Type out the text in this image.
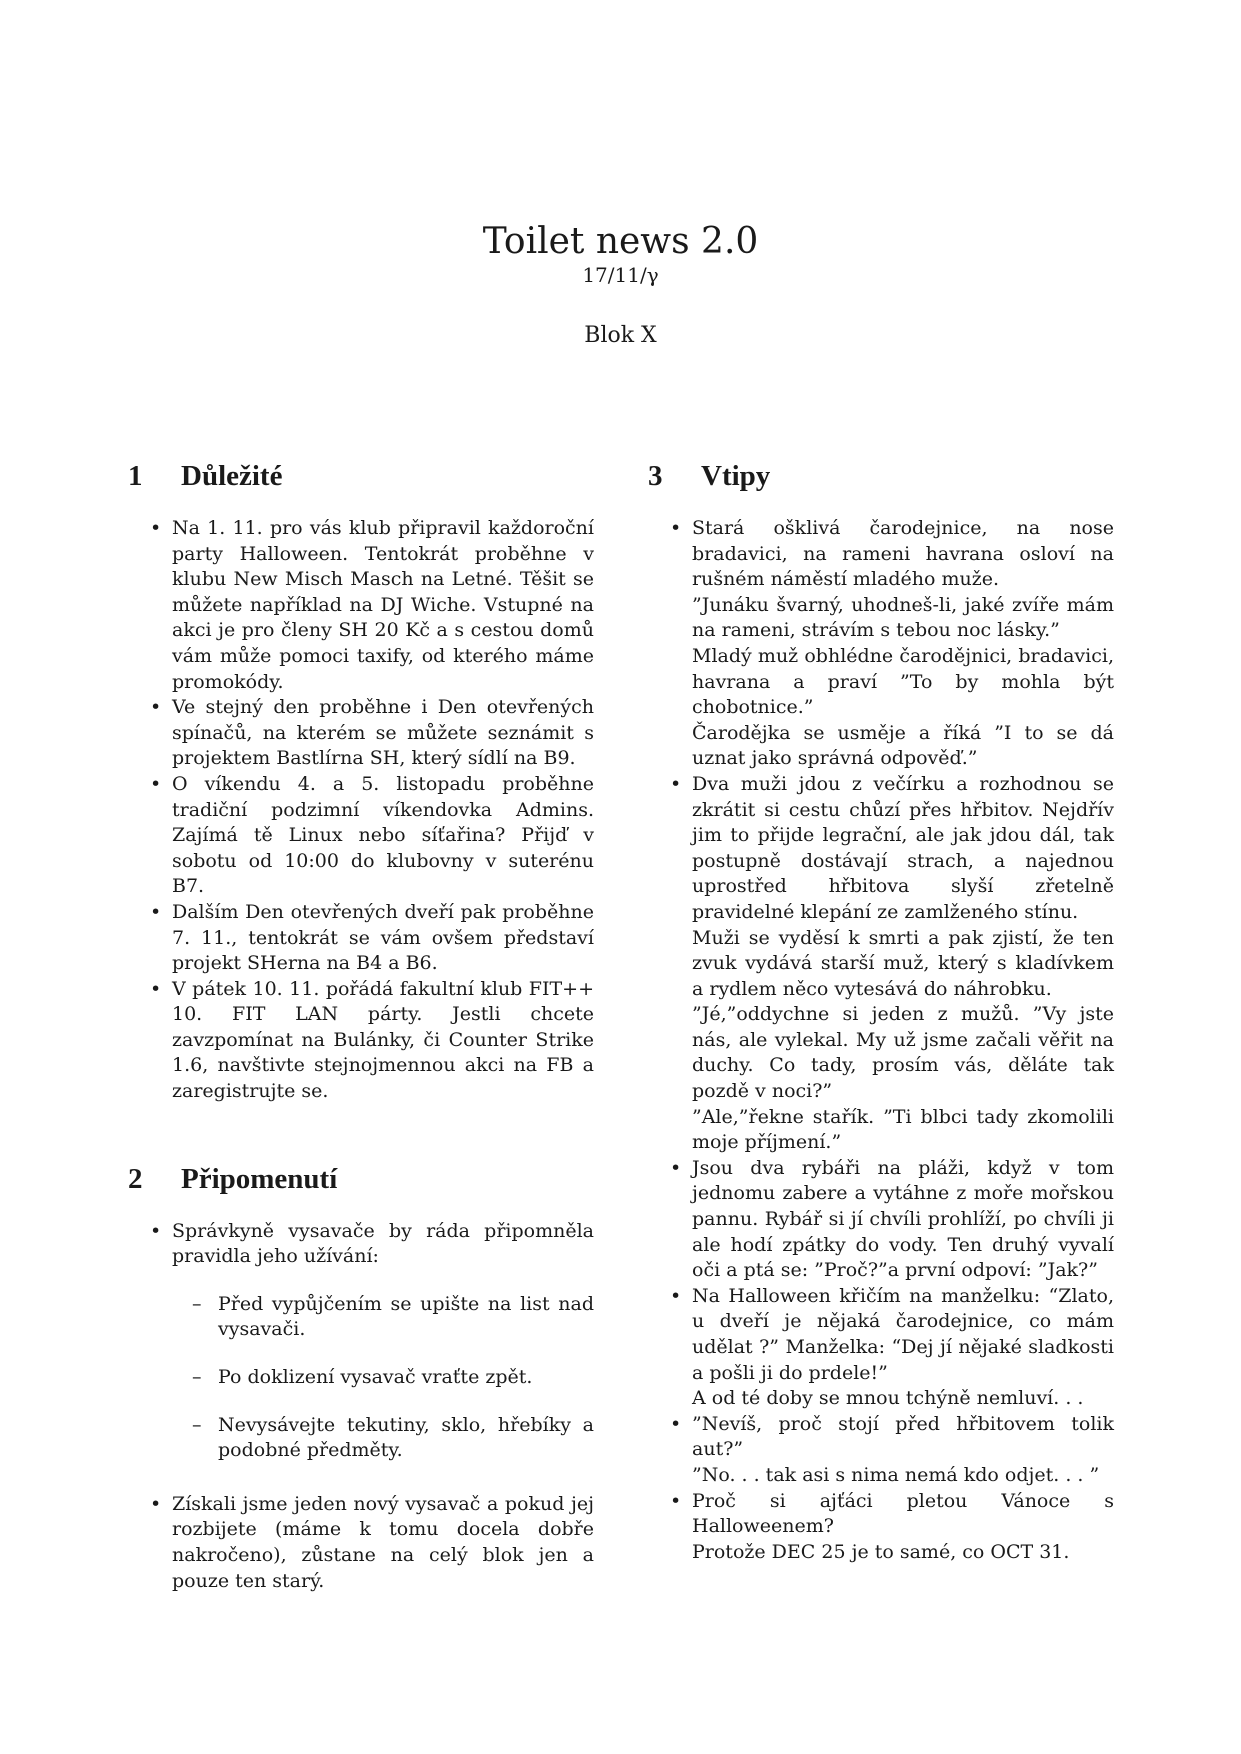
Toilet news 2.0
17/11/γ
Blok X
1	Důležité
• Na 1. 11. pro vás klub připravil každoroční party Halloween. Tentokrát proběhne v klubu New Misch Masch na Letné. Těšit se můžete například na DJ Wiche. Vstupné na akci je pro členy SH 20 Kč a s cestou domů vám může pomoci taxify, od kterého máme promokódy.
• Ve stejný den proběhne i Den otevřených spínačů, na kterém se můžete seznámit s projektem Bastlírna SH, který sídlí na B9.
• O víkendu 4. a 5. listopadu proběhne tradiční podzimní víkendovka Admins. Zajímá tě Linux nebo síťařina? Přijď v sobotu od 10:00 do klubovny v suterénu B7.
• Dalším Den otevřených dveří pak proběhne 7. 11., tentokrát se vám ovšem představí projekt SHerna na B4 a B6.
• V pátek 10. 11. pořádá fakultní klub FIT++ 10. FIT LAN párty. Jestli chcete zavzpomínat na Bulánky, či Counter Strike 1.6, navštivte stejnojmennou akci na FB a zaregistrujte se.
2	Připomenutí
• Správkyně vysavače by ráda připomněla pravidla jeho užívání:

– Před vypůjčením se upište na list nad vysavači.
– Po doklizení vysavač vraťte zpět.
– Nevysávejte tekutiny, sklo, hřebíky a podobné předměty.
• Získali jsme jeden nový vysavač a pokud jej rozbijete (máme k tomu docela dobře nakročeno), zůstane na celý blok jen a pouze ten starý.
3	Vtipy
• Stará ošklivá čarodejnice, na nose bradavici, na rameni havrana osloví na rušném náměstí mladého muže.

”Junáku švarný, uhodneš-li, jaké zvíře mám na rameni, strávím s tebou noc lásky.”

Mladý muž obhlédne čarodějnici, bradavici, havrana a praví ”To by mohla být chobotnice.”

Čarodějka se usměje a říká ”I to se dá uznat jako správná odpověď.”

• Dva muži jdou z večírku a rozhodnou se zkrátit si cestu chůzí přes hřbitov. Nejdřív jim to přijde legrační, ale jak jdou dál, tak postupně dostávají strach, a najednou uprostřed hřbitova slyší zřetelně pravidelné klepání ze zamlženého stínu.

Muži se vyděsí k smrti a pak zjistí, že ten zvuk vydává starší muž, který s kladívkem a rydlem něco vytesává do náhrobku.

”Jé,”oddychne si jeden z mužů. ”Vy jste nás, ale vylekal. My už jsme začali věřit na duchy. Co tady, prosím vás, děláte tak pozdě v noci?”

”Ale,”řekne stařík. ”Ti blbci tady zkomolili moje příjmení.”

• Jsou dva rybáři na pláži, když v tom jednomu zabere a vytáhne z moře mořskou pannu. Rybář si jí chvíli prohlíží, po chvíli ji ale hodí zpátky do vody. Ten druhý vyvalí oči a ptá se: ”Proč?”a první odpoví: ”Jak?”

• Na Halloween křičím na manželku: “Zlato, u dveří je nějaká čarodejnice, co mám udělat ?” Manželka: “Dej jí nějaké sladkosti a pošli ji do prdele!”

A od té doby se mnou tchýně nemluví. . .

• ”Nevíš, proč stojí před hřbitovem tolik aut?”

”No. . . tak asi s nima nemá kdo odjet. . . ”

• Proč si ajťáci pletou Vánoce s Halloweenem?

Protože DEC 25 je to samé, co OCT 31.
